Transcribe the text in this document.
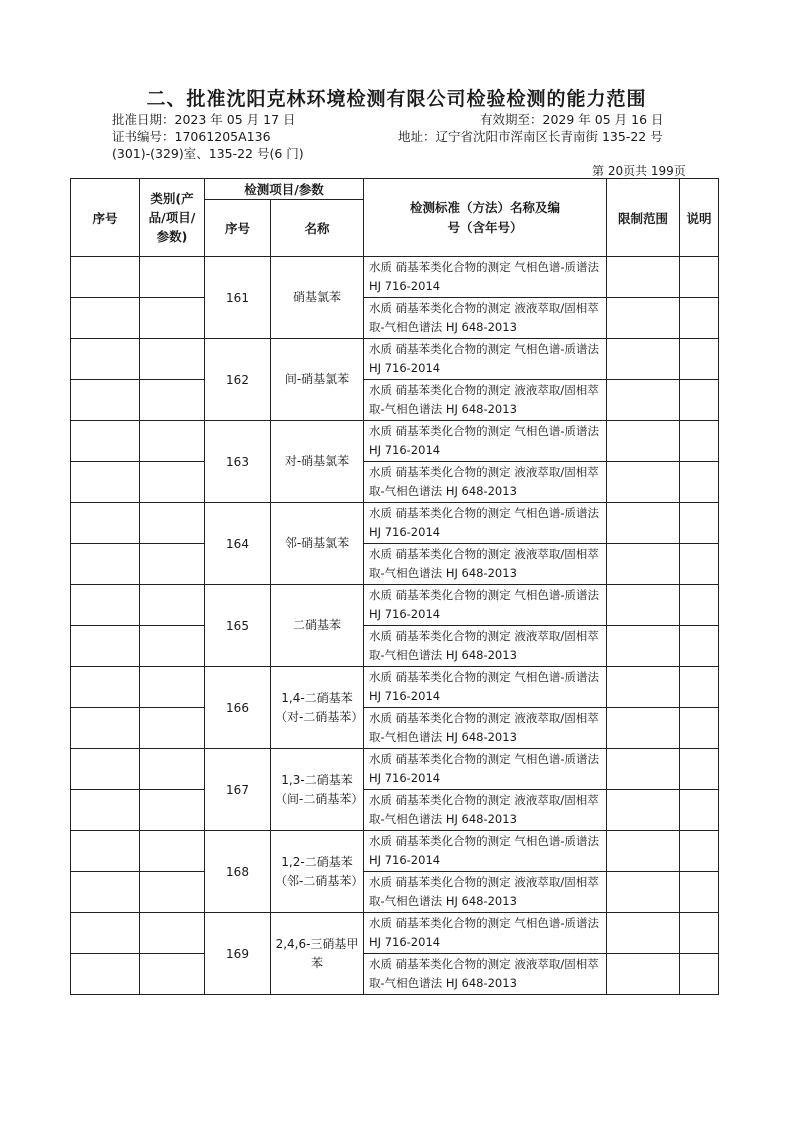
二、批准沈阳克林环境检测有限公司检验检测的能力范围
批准日期：2023 年 05 月 17 日	有效期至：2029 年 05 月 16 日
证书编号：17061205A136	地址：辽宁省沈阳市浑南区长青南街 135-22 号
(301)-(329)室、135-22 号(6 门)
第 20页共 199页
序号	类别(产品/项目/参数)	检测项目/参数		检测标准（方法）名称及编号（含年号）	限制范围	说明
		序号	名称			
		161	硝基氯苯	水质 硝基苯类化合物的测定 气相色谱-质谱法 HJ 716-2014		
				水质 硝基苯类化合物的测定 液液萃取/固相萃取-气相色谱法 HJ 648-2013		
		162	间-硝基氯苯	水质 硝基苯类化合物的测定 气相色谱-质谱法 HJ 716-2014		
				水质 硝基苯类化合物的测定 液液萃取/固相萃取-气相色谱法 HJ 648-2013		
		163	对-硝基氯苯	水质 硝基苯类化合物的测定 气相色谱-质谱法 HJ 716-2014		
				水质 硝基苯类化合物的测定 液液萃取/固相萃取-气相色谱法 HJ 648-2013		
		164	邻-硝基氯苯	水质 硝基苯类化合物的测定 气相色谱-质谱法 HJ 716-2014		
				水质 硝基苯类化合物的测定 液液萃取/固相萃取-气相色谱法 HJ 648-2013		
		165	二硝基苯	水质 硝基苯类化合物的测定 气相色谱-质谱法 HJ 716-2014		
				水质 硝基苯类化合物的测定 液液萃取/固相萃取-气相色谱法 HJ 648-2013		
		166	1,4-二硝基苯（对-二硝基苯）	水质 硝基苯类化合物的测定 气相色谱-质谱法 HJ 716-2014		
				水质 硝基苯类化合物的测定 液液萃取/固相萃取-气相色谱法 HJ 648-2013		
		167	1,3-二硝基苯（间-二硝基苯）	水质 硝基苯类化合物的测定 气相色谱-质谱法 HJ 716-2014		
				水质 硝基苯类化合物的测定 液液萃取/固相萃取-气相色谱法 HJ 648-2013		
		168	1,2-二硝基苯（邻-二硝基苯）	水质 硝基苯类化合物的测定 气相色谱-质谱法 HJ 716-2014		
				水质 硝基苯类化合物的测定 液液萃取/固相萃取-气相色谱法 HJ 648-2013		
		169	2,4,6-三硝基甲苯	水质 硝基苯类化合物的测定 气相色谱-质谱法 HJ 716-2014		
				水质 硝基苯类化合物的测定 液液萃取/固相萃取-气相色谱法 HJ 648-2013		
